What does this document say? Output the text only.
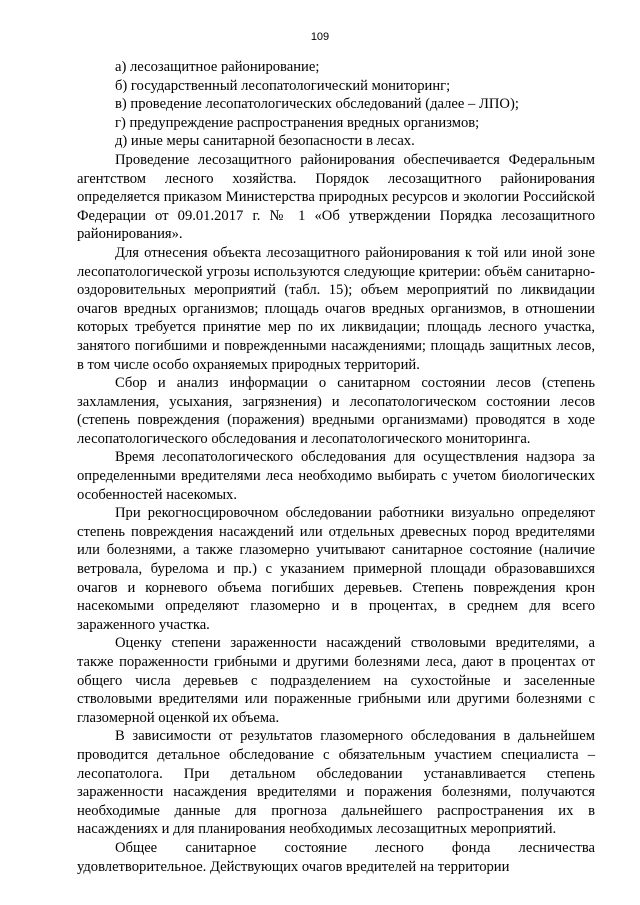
109

а) лесозащитное районирование;

б) государственный лесопатологический мониторинг;

в) проведение лесопатологических обследований (далее – ЛПО);

г) предупреждение распространения вредных организмов;

д) иные меры санитарной безопасности в лесах.

Проведение лесозащитного районирования обеспечивается Федеральным агентством лесного хозяйства. Порядок лесозащитного районирования определяется приказом Министерства природных ресурсов и экологии Российской Федерации от 09.01.2017 г. № 1 «Об утверждении Порядка лесозащитного районирования».

Для отнесения объекта лесозащитного районирования к той или иной зоне лесопатологической угрозы используются следующие критерии: объём санитарно-оздоровительных мероприятий (табл. 15); объем мероприятий по ликвидации очагов вредных организмов; площадь очагов вредных организмов, в отношении которых требуется принятие мер по их ликвидации; площадь лесного участка, занятого погибшими и поврежденными насаждениями; площадь защитных лесов, в том числе особо охраняемых природных территорий.

Сбор и анализ информации о санитарном состоянии лесов (степень захламления, усыхания, загрязнения) и лесопатологическом состоянии лесов (степень повреждения (поражения) вредными организмами) проводятся в ходе лесопатологического обследования и лесопатологического мониторинга.

Время лесопатологического обследования для осуществления надзора за определенными вредителями леса необходимо выбирать с учетом биологических особенностей насекомых.

При рекогносцировочном обследовании работники визуально определяют степень повреждения насаждений или отдельных древесных пород вредителями или болезнями, а также глазомерно учитывают санитарное состояние (наличие ветровала, бурелома и пр.) с указанием примерной площади образовавшихся очагов и корневого объема погибших деревьев. Степень повреждения крон насекомыми определяют глазомерно и в процентах, в среднем для всего зараженного участка.

Оценку степени зараженности насаждений стволовыми вредителями, а также пораженности грибными и другими болезнями леса, дают в процентах от общего числа деревьев с подразделением на сухостойные и заселенные стволовыми вредителями или пораженные грибными или другими болезнями с глазомерной оценкой их объема.

В зависимости от результатов глазомерного обследования в дальнейшем проводится детальное обследование с обязательным участием специалиста – лесопатолога. При детальном обследовании устанавливается степень зараженности насаждения вредителями и поражения болезнями, получаются необходимые данные для прогноза дальнейшего распространения их в насаждениях и для планирования необходимых лесозащитных мероприятий.

Общее санитарное состояние лесного фонда лесничества удовлетворительное. Действующих очагов вредителей на территории
